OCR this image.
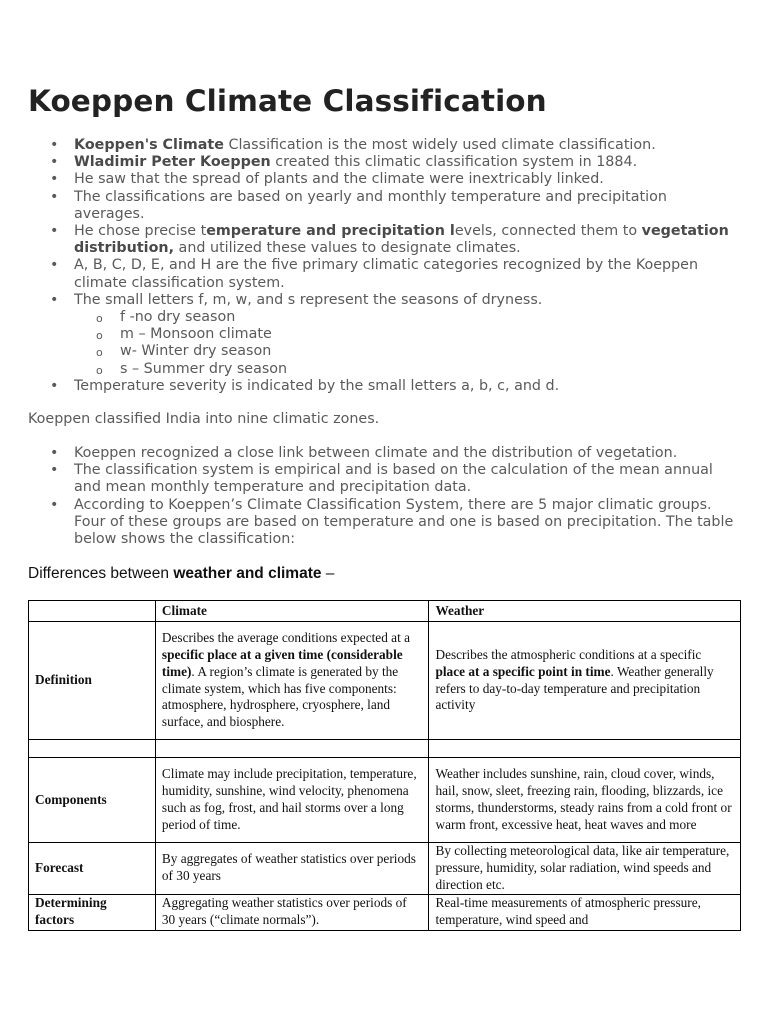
Koeppen Climate Classification
• Koeppen's Climate Classification is the most widely used climate classification.
• Wladimir Peter Koeppen created this climatic classification system in 1884.
• He saw that the spread of plants and the climate were inextricably linked.
• The classifications are based on yearly and monthly temperature and precipitation averages.
• He chose precise temperature and precipitation levels, connected them to vegetation distribution, and utilized these values to designate climates.
• A, B, C, D, E, and H are the five primary climatic categories recognized by the Koeppen climate classification system.
• The small letters f, m, w, and s represent the seasons of dryness.
o f -no dry season
o m – Monsoon climate
o w- Winter dry season
o s – Summer dry season
• Temperature severity is indicated by the small letters a, b, c, and d.

Koeppen classified India into nine climatic zones.

• Koeppen recognized a close link between climate and the distribution of vegetation.
• The classification system is empirical and is based on the calculation of the mean annual and mean monthly temperature and precipitation data.
• According to Koeppen’s Climate Classification System, there are 5 major climatic groups. Four of these groups are based on temperature and one is based on precipitation. The table below shows the classification:

Differences between weather and climate –

	Climate	Weather
Definition	Describes the average conditions expected at a specific place at a given time (considerable time). A region’s climate is generated by the climate system, which has five components: atmosphere, hydrosphere, cryosphere, land surface, and biosphere.	Describes the atmospheric conditions at a specific place at a specific point in time. Weather generally refers to day-to-day temperature and precipitation activity

Components	Climate may include precipitation, temperature, humidity, sunshine, wind velocity, phenomena such as fog, frost, and hail storms over a long period of time.	Weather includes sunshine, rain, cloud cover, winds, hail, snow, sleet, freezing rain, flooding, blizzards, ice storms, thunderstorms, steady rains from a cold front or warm front, excessive heat, heat waves and more
Forecast	By aggregates of weather statistics over periods of 30 years	By collecting meteorological data, like air temperature, pressure, humidity, solar radiation, wind speeds and direction etc.
Determining factors	Aggregating weather statistics over periods of 30 years (“climate normals”).	Real-time measurements of atmospheric pressure, temperature, wind speed and
